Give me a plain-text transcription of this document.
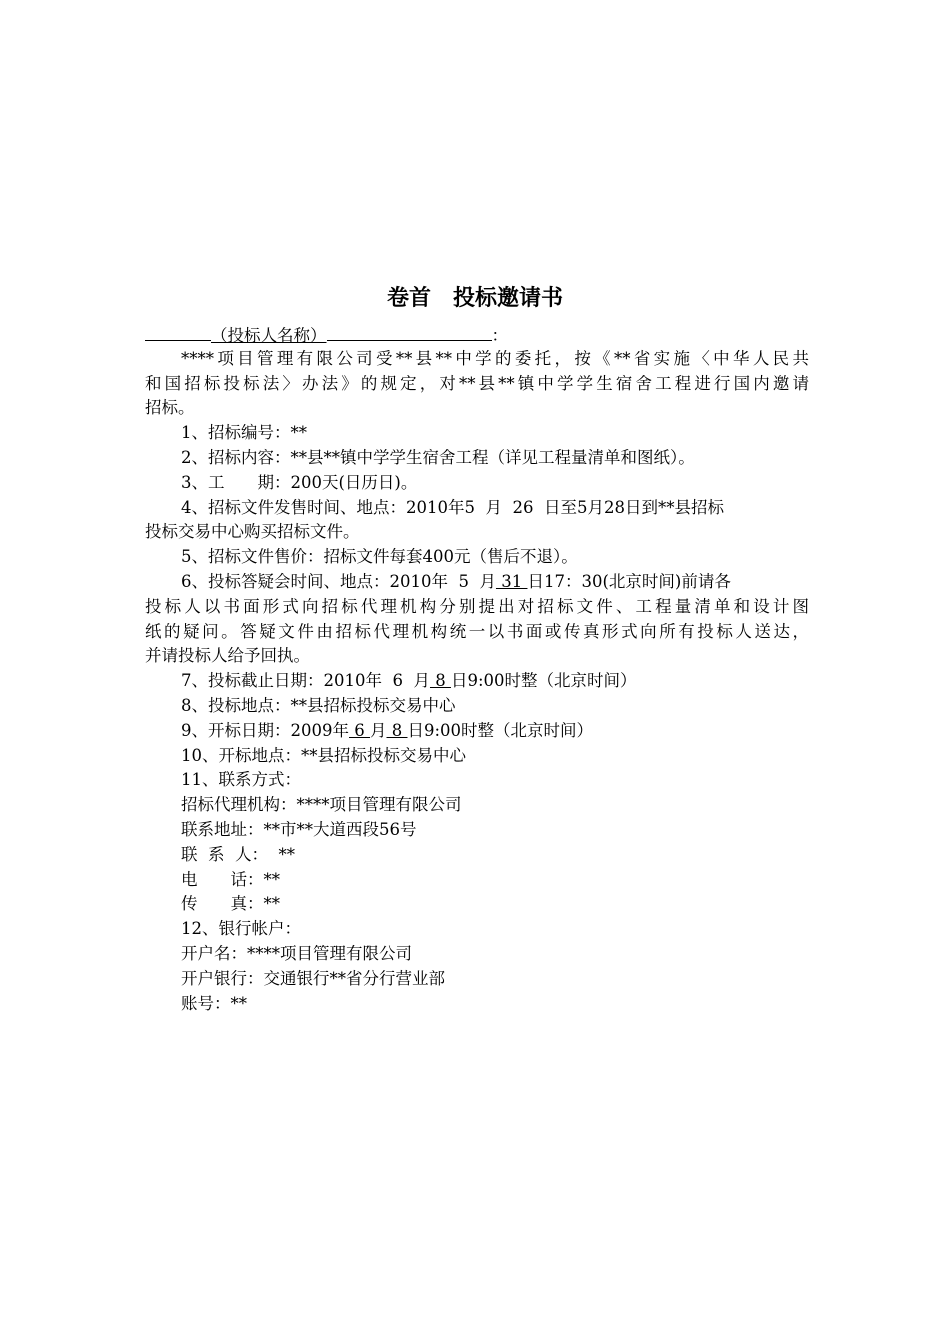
卷首　投标邀请书
（投标人名称）	：
****项目管理有限公司受**县**中学的委托，按《**省实施〈中华人民共
和国招标投标法〉办法》的规定，对**县**镇中学学生宿舍工程进行国内邀请
招标。
1、招标编号：**
2、招标内容：**县**镇中学学生宿舍工程（详见工程量清单和图纸）。
3、工　　期：200天(日历日)。
4、招标文件发售时间、地点：2010年5  月  26  日至5月28日到**县招标
投标交易中心购买招标文件。
5、招标文件售价：招标文件每套400元（售后不退）。
6、投标答疑会时间、地点：2010年  5  月 31 日17：30(北京时间)前请各
投标人以书面形式向招标代理机构分别提出对招标文件、工程量清单和设计图
纸的疑问。答疑文件由招标代理机构统一以书面或传真形式向所有投标人送达，
并请投标人给予回执。
7、投标截止日期：2010年  6  月 8 日9:00时整（北京时间）
8、投标地点：**县招标投标交易中心
9、开标日期：2009年 6 月 8 日9:00时整（北京时间）
10、开标地点：**县招标投标交易中心
11、联系方式：
招标代理机构：****项目管理有限公司
联系地址：**市**大道西段56号
联  系  人：  **
电　　话：**
传　　真：**
12、银行帐户：
开户名：****项目管理有限公司
开户银行：交通银行**省分行营业部
账号：**
